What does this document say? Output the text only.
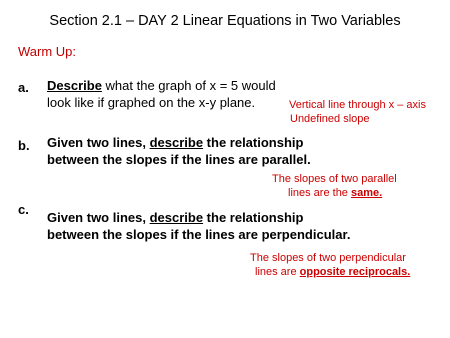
Section 2.1 – DAY 2 Linear Equations in Two Variables
Warm Up:
a. Describe what the graph of x = 5 would
look like if graphed on the x-y plane.	Vertical line through x – axis
Undefined slope
b. Given two lines, describe the relationship
between the slopes if the lines are parallel.
The slopes of two parallel
lines are the same.
c.
Given two lines, describe the relationship
between the slopes if the lines are perpendicular.
The slopes of two perpendicular
lines are opposite reciprocals.
